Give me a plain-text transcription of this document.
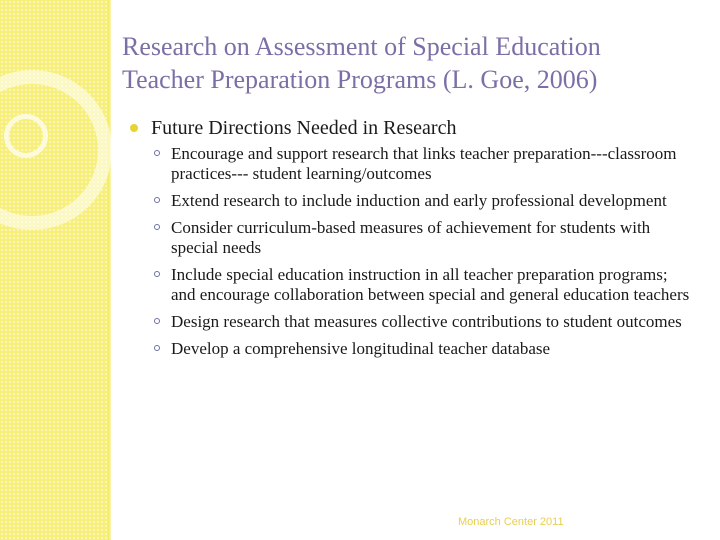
Research on Assessment of Special Education
Teacher Preparation Programs (L. Goe, 2006)
Future Directions Needed in Research
Encourage and support research that links teacher preparation---classroom practices--- student learning/outcomes
Extend research to include induction and early professional development
Consider curriculum-based measures of achievement for students with special needs
Include special education instruction in all teacher preparation programs; and encourage collaboration between special and general education teachers
Design research that measures collective contributions to student outcomes
Develop a comprehensive longitudinal teacher database
Monarch Center 2011
